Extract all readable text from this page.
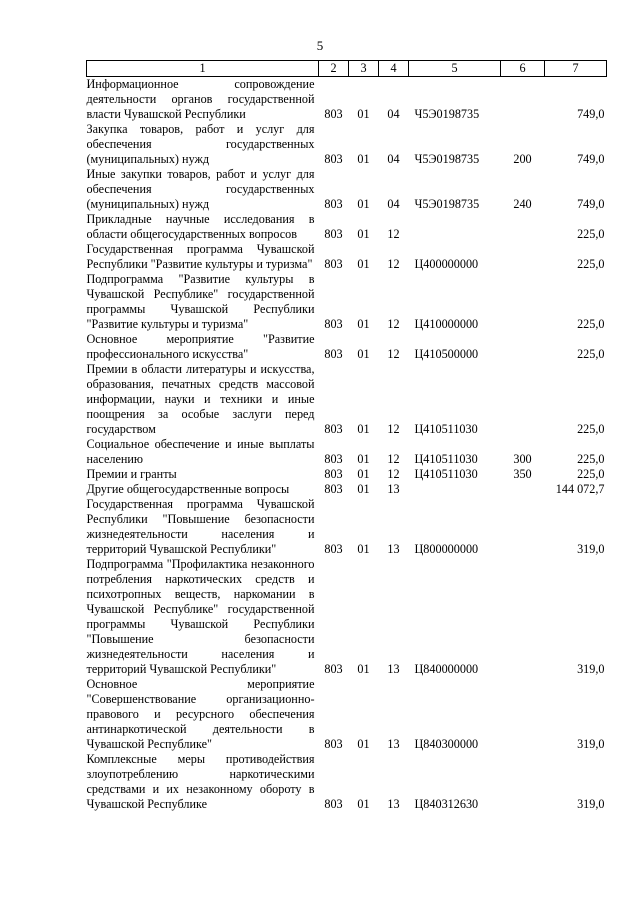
5
1	2	3	4	5	6	7
Информационное сопровождение деятельности органов государственной власти Чувашской Республики	803	01	04	Ч5Э0198735		749,0
Закупка товаров, работ и услуг для обеспечения государственных (муниципальных) нужд	803	01	04	Ч5Э0198735	200	749,0
Иные закупки товаров, работ и услуг для обеспечения государственных (муниципальных) нужд	803	01	04	Ч5Э0198735	240	749,0
Прикладные научные исследования в области общегосударственных вопросов	803	01	12			225,0
Государственная программа Чувашской Республики "Развитие культуры и туризма"	803	01	12	Ц400000000		225,0
Подпрограмма "Развитие культуры в Чувашской Республике" государственной программы Чувашской Республики "Развитие культуры и туризма"	803	01	12	Ц410000000		225,0
Основное мероприятие "Развитие профессионального искусства"	803	01	12	Ц410500000		225,0
Премии в области литературы и искусства, образования, печатных средств массовой информации, науки и техники и иные поощрения за особые заслуги перед государством	803	01	12	Ц410511030		225,0
Социальное обеспечение и иные выплаты населению	803	01	12	Ц410511030	300	225,0
Премии и гранты	803	01	12	Ц410511030	350	225,0
Другие общегосударственные вопросы	803	01	13			144 072,7
Государственная программа Чувашской Республики "Повышение безопасности жизнедеятельности населения и территорий Чувашской Республики"	803	01	13	Ц800000000		319,0
Подпрограмма "Профилактика незаконного потребления наркотических средств и психотропных веществ, наркомании в Чувашской Республике" государственной программы Чувашской Республики "Повышение безопасности жизнедеятельности населения и территорий Чувашской Республики"	803	01	13	Ц840000000		319,0
Основное мероприятие "Совершенствование организационно-правового и ресурсного обеспечения антинаркотической деятельности в Чувашской Республике"	803	01	13	Ц840300000		319,0
Комплексные меры противодействия злоупотреблению наркотическими средствами и их незаконному обороту в Чувашской Республике	803	01	13	Ц840312630		319,0
